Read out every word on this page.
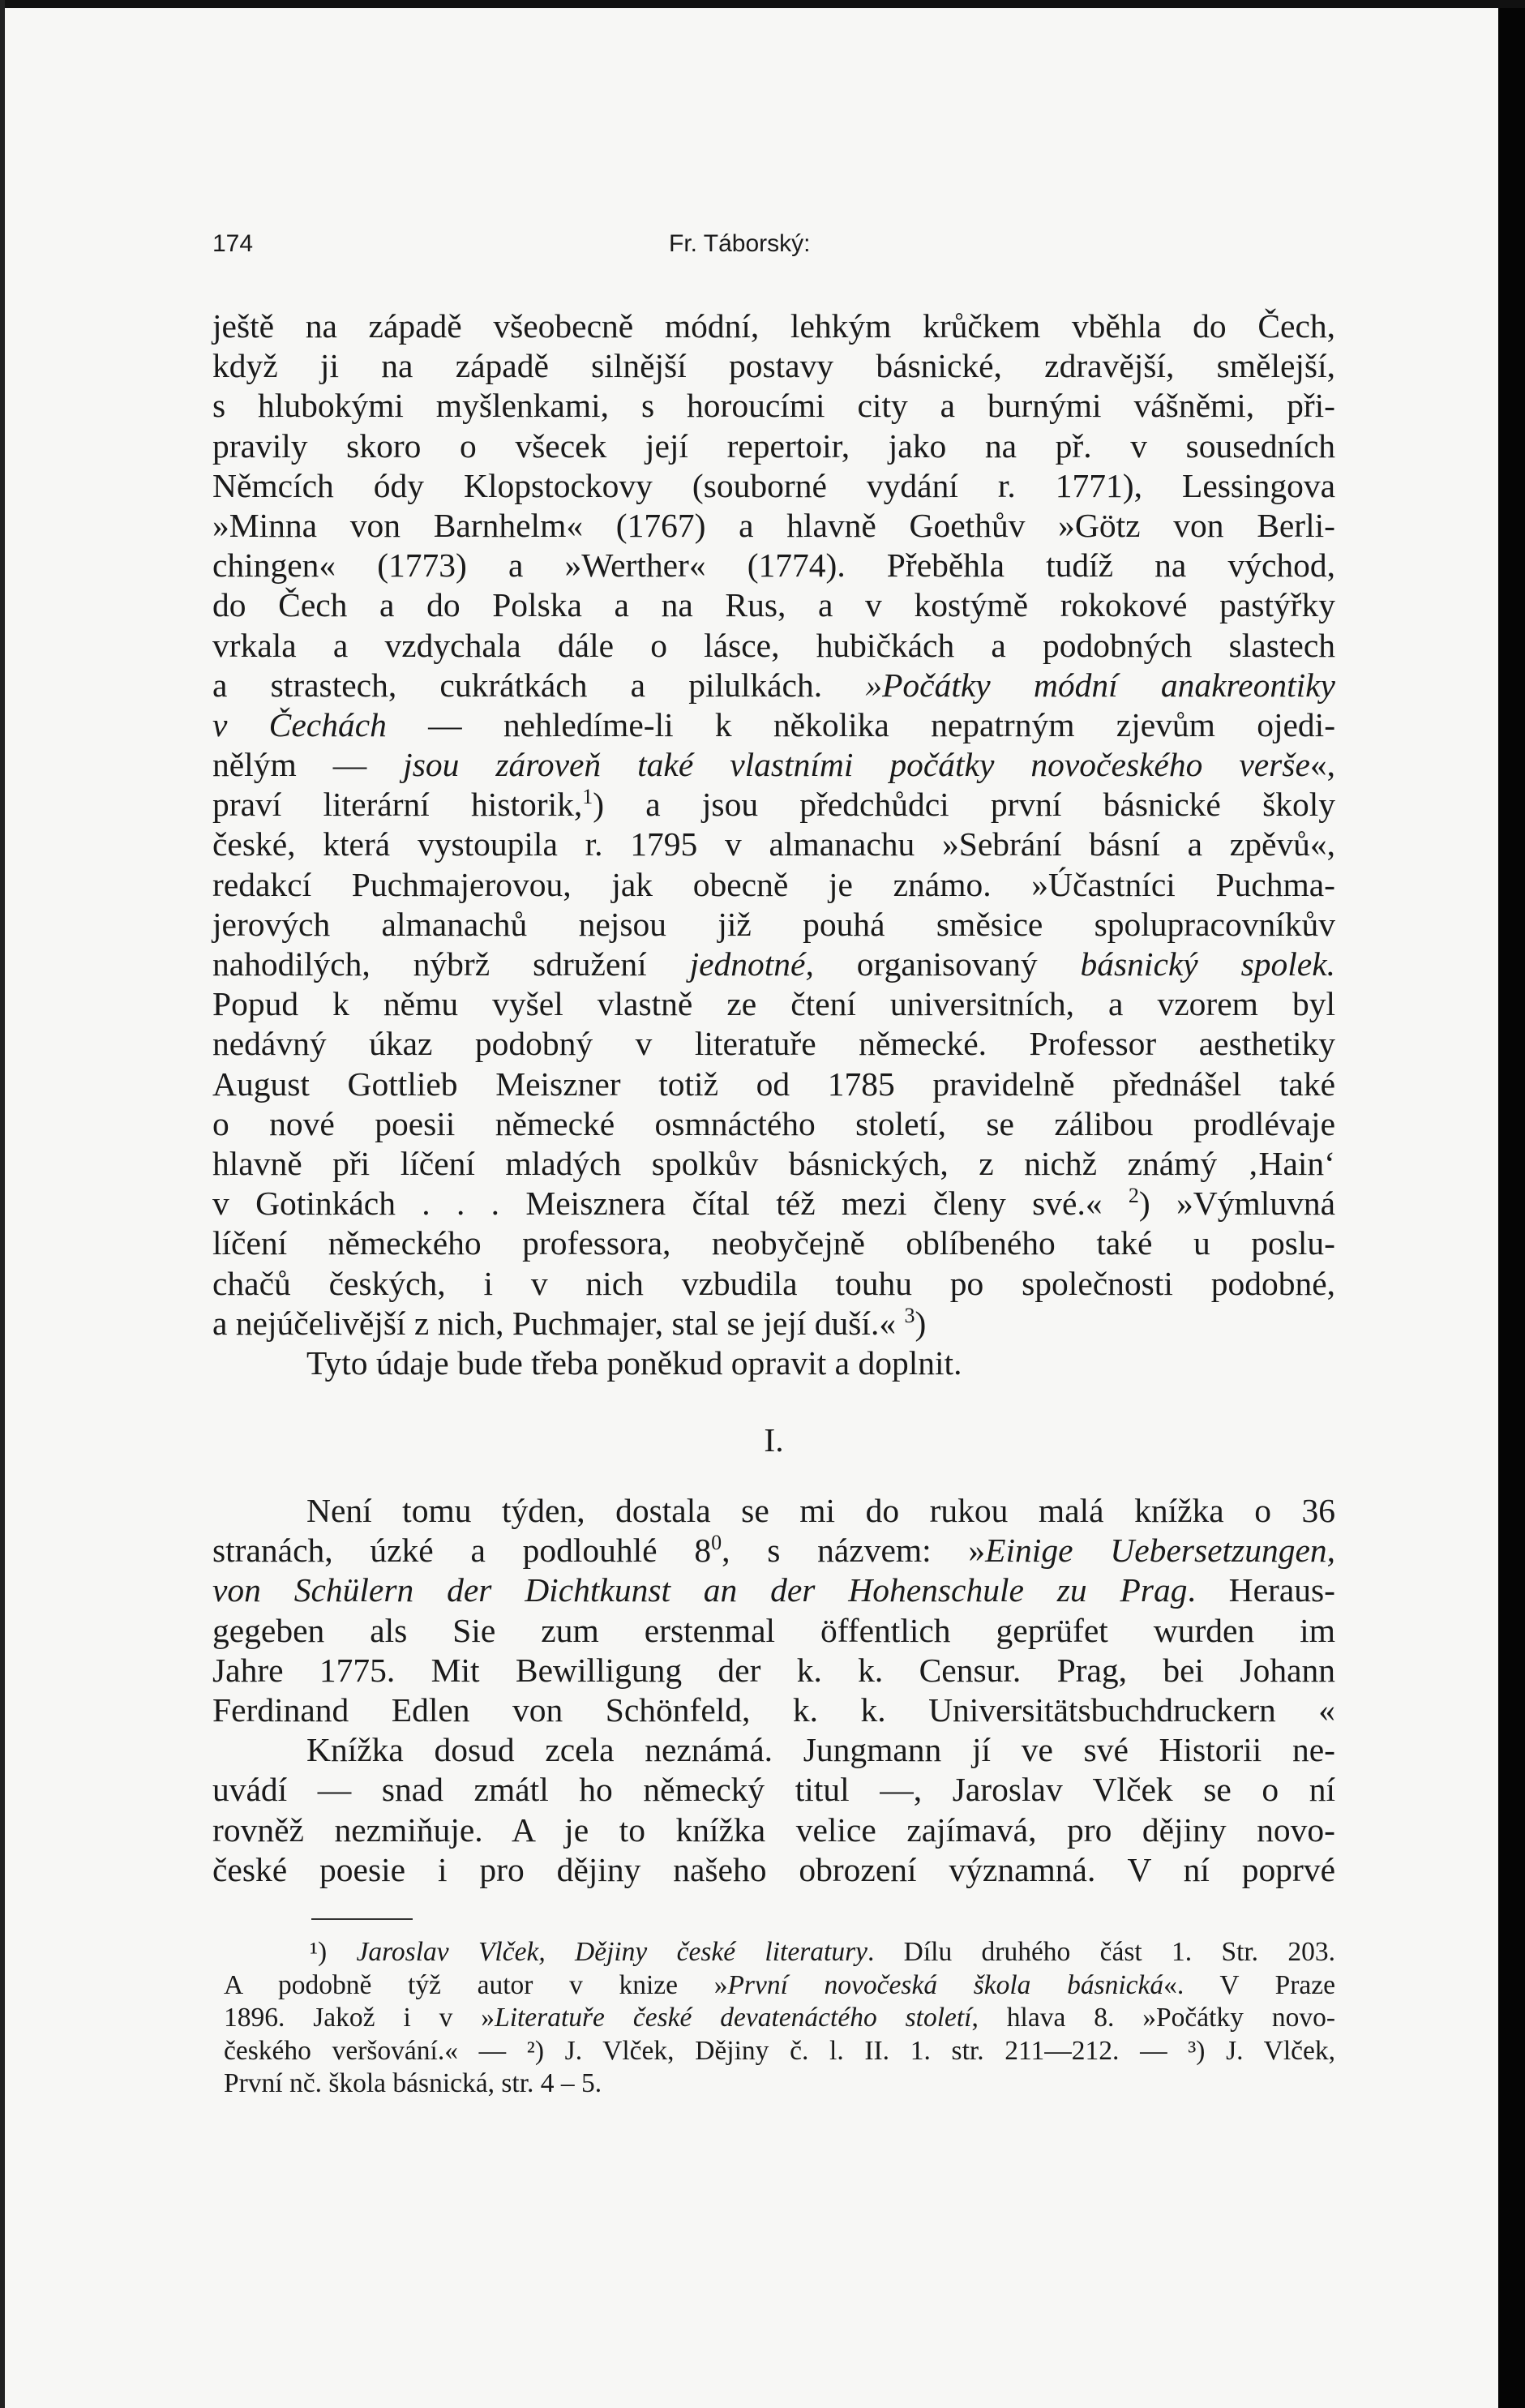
174	Fr. Táborský:
ještě na západě všeobecně módní, lehkým krůčkem vběhla do Čech,
když ji na západě silnější postavy básnické, zdravější, smělejší,
s hlubokými myšlenkami, s horoucími city a burnými vášněmi, při-
pravily skoro o všecek její repertoir, jako na př. v sousedních
Němcích ódy Klopstockovy (souborné vydání r. 1771), Lessingova
»Minna von Barnhelm« (1767) a hlavně Goethův »Götz von Berli-
chingen« (1773) a »Werther« (1774). Přeběhla tudíž na východ,
do Čech a do Polska a na Rus, a v kostýmě rokokové pastýřky
vrkala a vzdychala dále o lásce, hubičkách a podobných slastech
a strastech, cukrátkách a pilulkách. »Počátky módní anakreontiky
v Čechách — nehledíme-li k několika nepatrným zjevům ojedi-
nělým — jsou zároveň také vlastními počátky novočeského verše«,
praví literární historik,$^1$) a jsou předchůdci první básnické školy
české, která vystoupila r. 1795 v almanachu »Sebrání básní a zpěvů«,
redakcí Puchmajerovou, jak obecně je známo. »Účastníci Puchma-
jerových almanachů nejsou již pouhá směsice spolupracovníkův
nahodilých, nýbrž sdružení jednotné, organisovaný básnický spolek.
Popud k němu vyšel vlastně ze čtení universitních, a vzorem byl
nedávný úkaz podobný v literatuře německé. Professor aesthetiky
August Gottlieb Meiszner totiž od 1785 pravidelně přednášel také
o nové poesii německé osmnáctého století, se zálibou prodlévaje
hlavně při líčení mladých spolkův básnických, z nichž známý ‚Hain‘
v Gotinkách . . . Meisznera čítal též mezi členy své.« $^2$) »Výmluvná
líčení německého professora, neobyčejně oblíbeného také u poslu-
chačů českých, i v nich vzbudila touhu po společnosti podobné,
a nejúčelivější z nich, Puchmajer, stal se její duší.« $^3$)
Tyto údaje bude třeba poněkud opravit a doplnit.
I.
Není tomu týden, dostala se mi do rukou malá knížka o 36
stranách, úzké a podlouhlé $8^0$, s názvem: »Einige Uebersetzungen,
von Schülern der Dichtkunst an der Hohenschule zu Prag. Heraus-
gegeben als Sie zum erstenmal öffentlich geprüfet wurden im
Jahre 1775. Mit Bewilligung der k. k. Censur. Prag, bei Johann
Ferdinand Edlen von Schönfeld, k. k. Universitätsbuchdruckern «
Knížka dosud zcela neznámá. Jungmann jí ve své Historii ne-
uvádí — snad zmátl ho německý titul —, Jaroslav Vlček se o ní
rovněž nezmiňuje. A je to knížka velice zajímavá, pro dějiny novo-
české poesie i pro dějiny našeho obrození významná. V ní poprvé
¹) Jaroslav Vlček, Dějiny české literatury. Dílu druhého část 1. Str. 203.
A podobně týž autor v knize »První novočeská škola básnická«. V Praze
1896. Jakož i v »Literatuře české devatenáctého století, hlava 8. »Počátky novo-
českého veršování.« — ²) J. Vlček, Dějiny č. l. II. 1. str. 211—212. — ³) J. Vlček,
První nč. škola básnická, str. 4 – 5.
